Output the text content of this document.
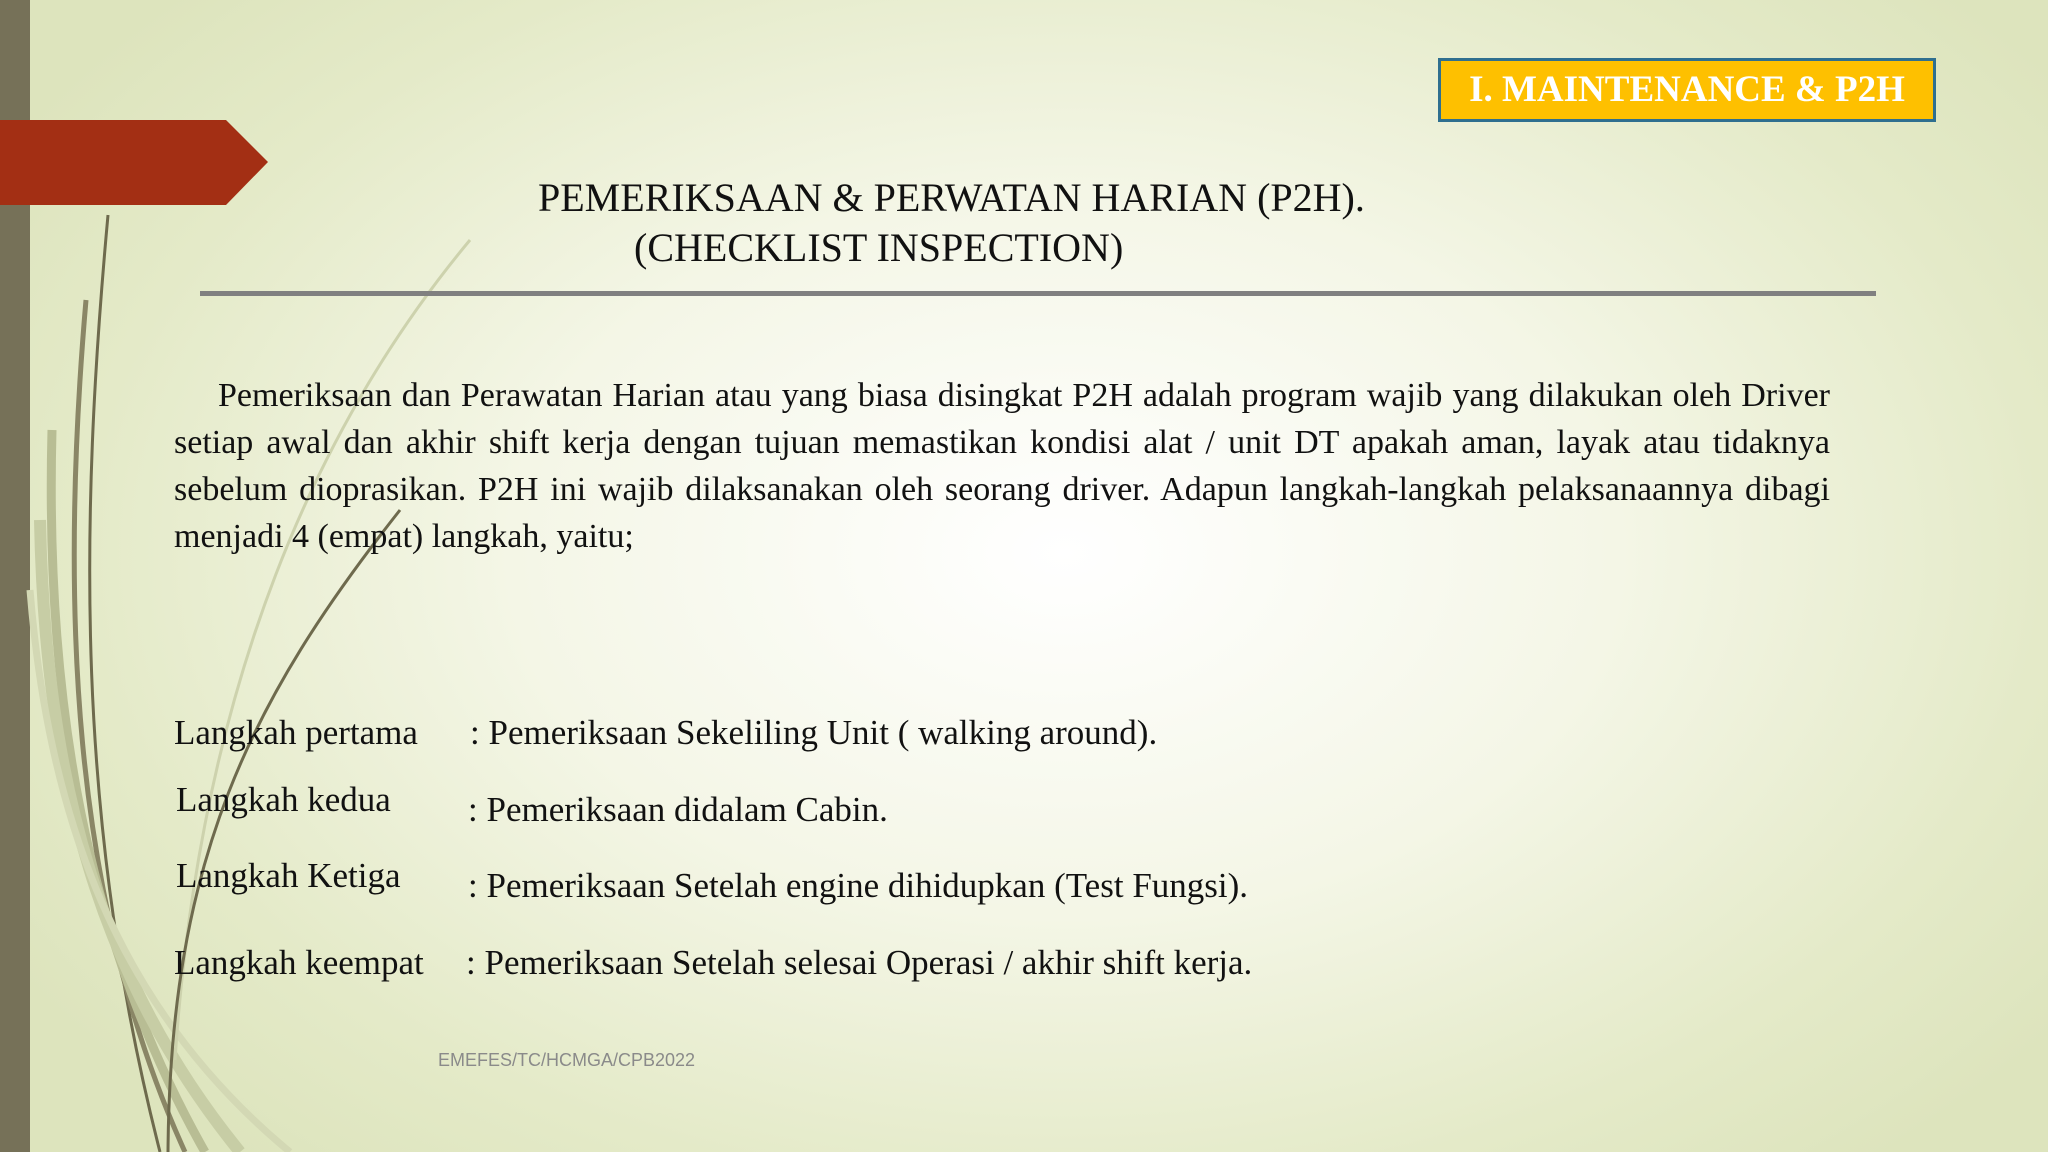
I. MAINTENANCE & P2H
PEMERIKSAAN & PERWATAN HARIAN (P2H).
(CHECKLIST INSPECTION)

Pemeriksaan dan Perawatan Harian atau yang biasa disingkat P2H adalah program wajib yang dilakukan oleh Driver setiap awal dan akhir shift kerja dengan tujuan memastikan kondisi alat / unit DT apakah aman, layak atau tidaknya sebelum dioprasikan. P2H ini wajib dilaksanakan oleh seorang driver. Adapun langkah-langkah pelaksanaannya dibagi menjadi 4 (empat) langkah, yaitu;

Langkah pertama : Pemeriksaan Sekeliling Unit ( walking around).
Langkah kedua : Pemeriksaan didalam Cabin.
Langkah Ketiga : Pemeriksaan Setelah engine dihidupkan (Test Fungsi).
Langkah keempat : Pemeriksaan Setelah selesai Operasi / akhir shift kerja.
EMEFES/TC/HCMGA/CPB2022
